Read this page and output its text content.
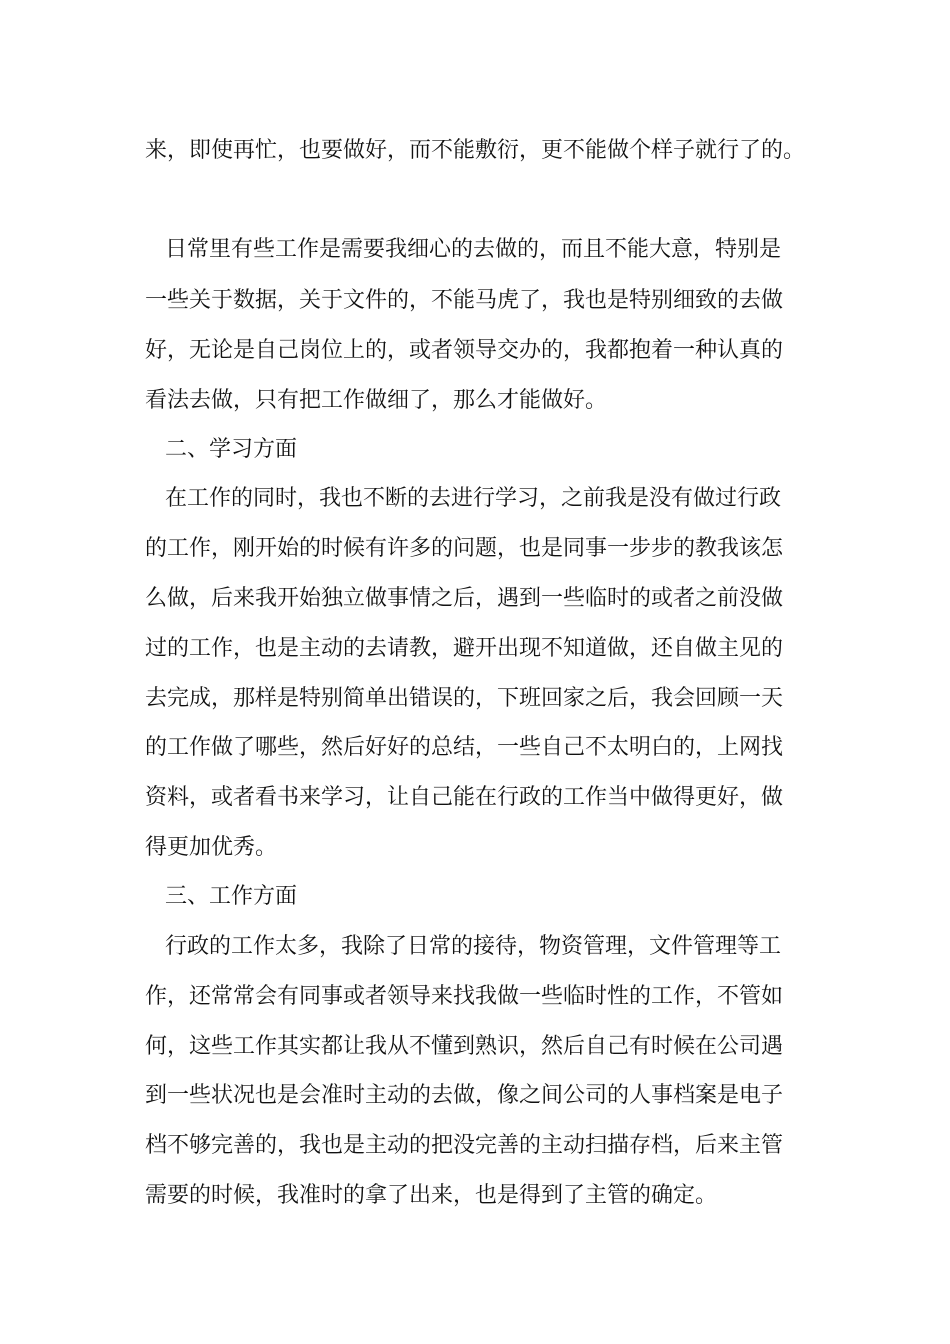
来，即使再忙，也要做好，而不能敷衍，更不能做个样子就行了的。
日常里有些工作是需要我细心的去做的，而且不能大意，特别是
一些关于数据，关于文件的，不能马虎了，我也是特别细致的去做
好，无论是自己岗位上的，或者领导交办的，我都抱着一种认真的
看法去做，只有把工作做细了，那么才能做好。
二、学习方面
在工作的同时，我也不断的去进行学习，之前我是没有做过行政
的工作，刚开始的时候有许多的问题，也是同事一步步的教我该怎
么做，后来我开始独立做事情之后，遇到一些临时的或者之前没做
过的工作，也是主动的去请教，避开出现不知道做，还自做主见的
去完成，那样是特别简单出错误的，下班回家之后，我会回顾一天
的工作做了哪些，然后好好的总结，一些自己不太明白的，上网找
资料，或者看书来学习，让自己能在行政的工作当中做得更好，做
得更加优秀。
三、工作方面
行政的工作太多，我除了日常的接待，物资管理，文件管理等工
作，还常常会有同事或者领导来找我做一些临时性的工作，不管如
何，这些工作其实都让我从不懂到熟识，然后自己有时候在公司遇
到一些状况也是会准时主动的去做，像之间公司的人事档案是电子
档不够完善的，我也是主动的把没完善的主动扫描存档，后来主管
需要的时候，我准时的拿了出来，也是得到了主管的确定。
